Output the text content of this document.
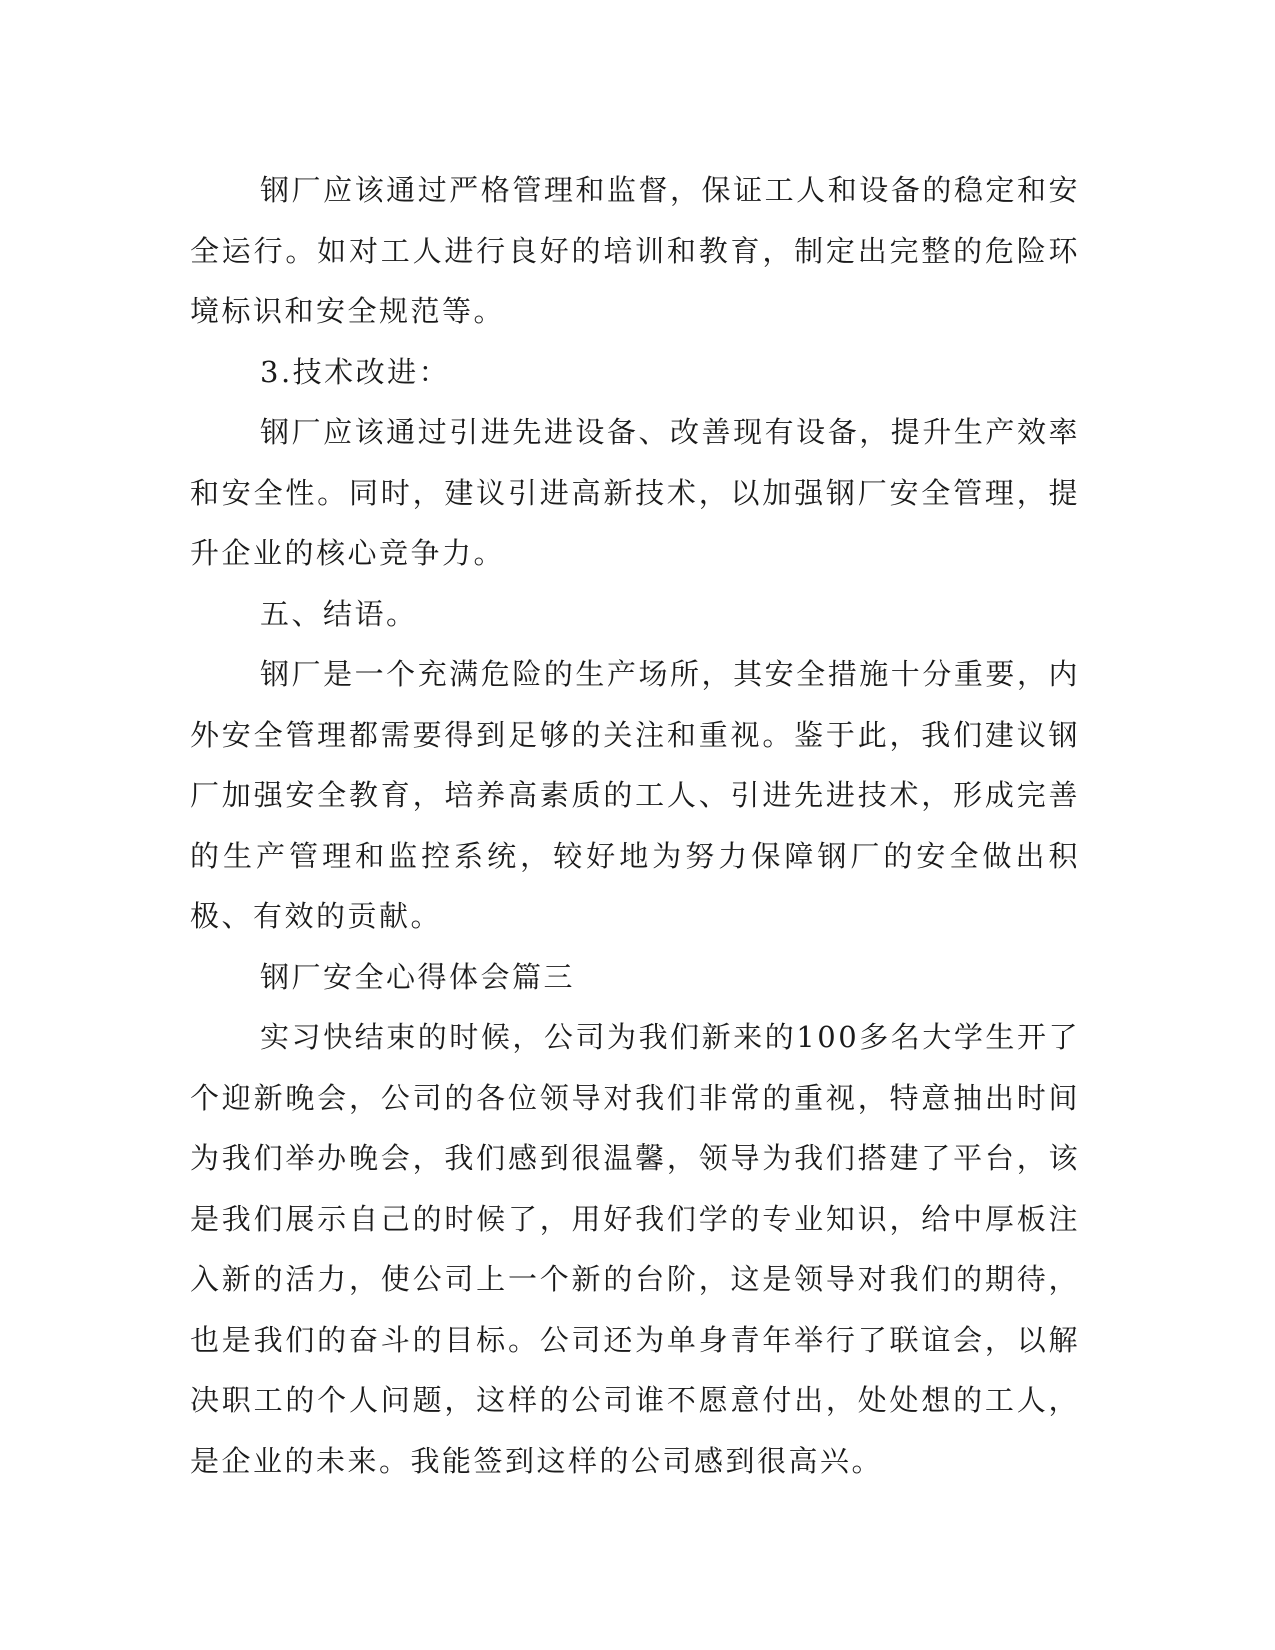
钢厂应该通过严格管理和监督，保证工人和设备的稳定和安全运行。如对工人进行良好的培训和教育，制定出完整的危险环境标识和安全规范等。

3.技术改进：

钢厂应该通过引进先进设备、改善现有设备，提升生产效率和安全性。同时，建议引进高新技术，以加强钢厂安全管理，提升企业的核心竞争力。

五、结语。

钢厂是一个充满危险的生产场所，其安全措施十分重要，内外安全管理都需要得到足够的关注和重视。鉴于此，我们建议钢厂加强安全教育，培养高素质的工人、引进先进技术，形成完善的生产管理和监控系统，较好地为努力保障钢厂的安全做出积极、有效的贡献。

钢厂安全心得体会篇三

实习快结束的时候，公司为我们新来的100多名大学生开了个迎新晚会，公司的各位领导对我们非常的重视，特意抽出时间为我们举办晚会，我们感到很温馨，领导为我们搭建了平台，该是我们展示自己的时候了，用好我们学的专业知识，给中厚板注入新的活力，使公司上一个新的台阶，这是领导对我们的期待，也是我们的奋斗的目标。公司还为单身青年举行了联谊会，以解决职工的个人问题，这样的公司谁不愿意付出，处处想的工人，是企业的未来。我能签到这样的公司感到很高兴。
